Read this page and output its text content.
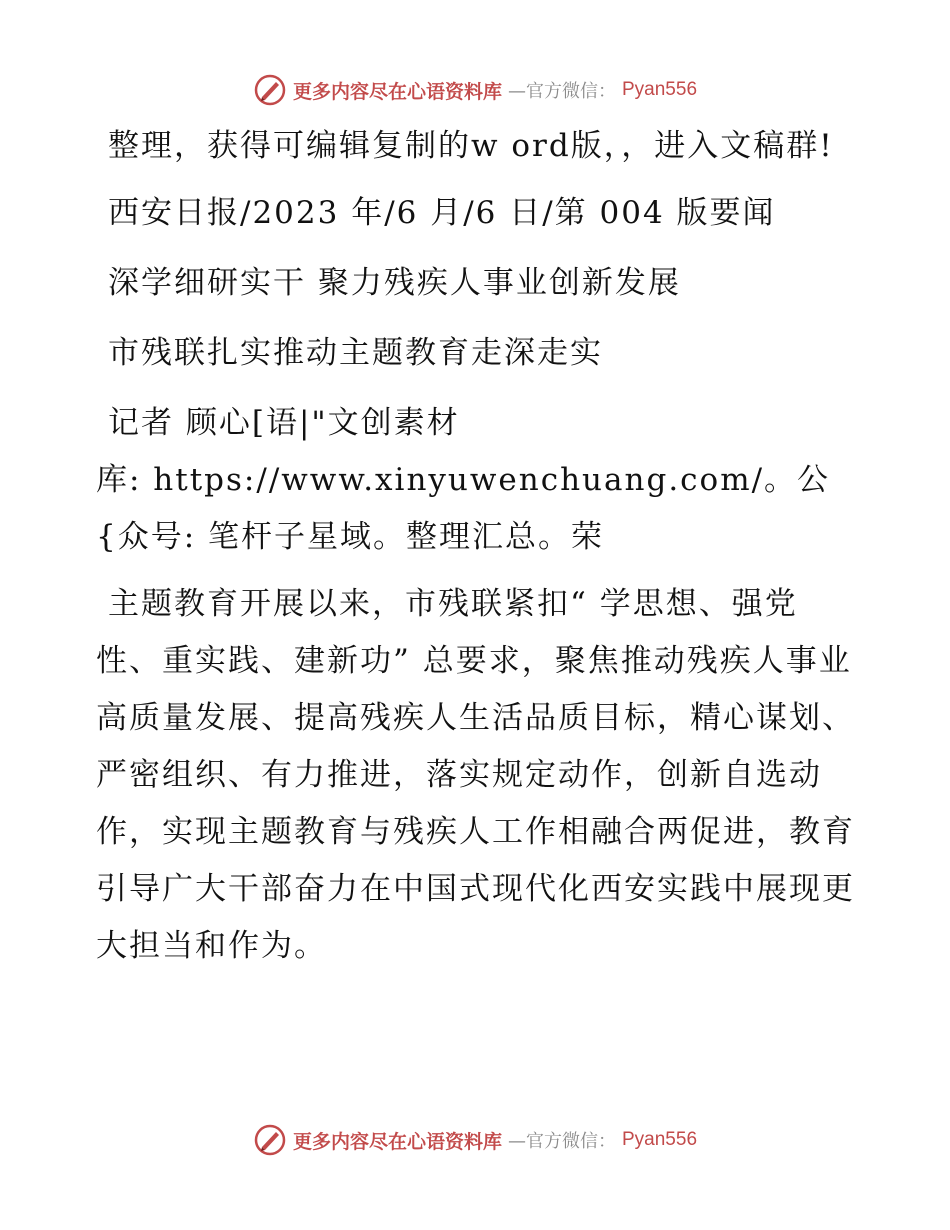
更多内容尽在心语资料库 —官方微信： Pyan556

整理，获得可编辑复制的w ord版，，进入文稿群!

西安日报/2023 年/6 月/6 日/第 004 版要闻

深学细研实干 聚力残疾人事业创新发展

市残联扎实推动主题教育走深走实

记者 顾心[语|"文创素材

库: https://www.xinyuwenchuang.com/。公{众号: 笔杆子星域。整理汇总。荣

主题教育开展以来，市残联紧扣“ 学思想、强党性、重实践、建新功” 总要求，聚焦推动残疾人事业高质量发展、提高残疾人生活品质目标，精心谋划、严密组织、有力推进，落实规定动作，创新自选动作，实现主题教育与残疾人工作相融合两促进，教育引导广大干部奋力在中国式现代化西安实践中展现更大担当和作为。

更多内容尽在心语资料库 —官方微信： Pyan556
